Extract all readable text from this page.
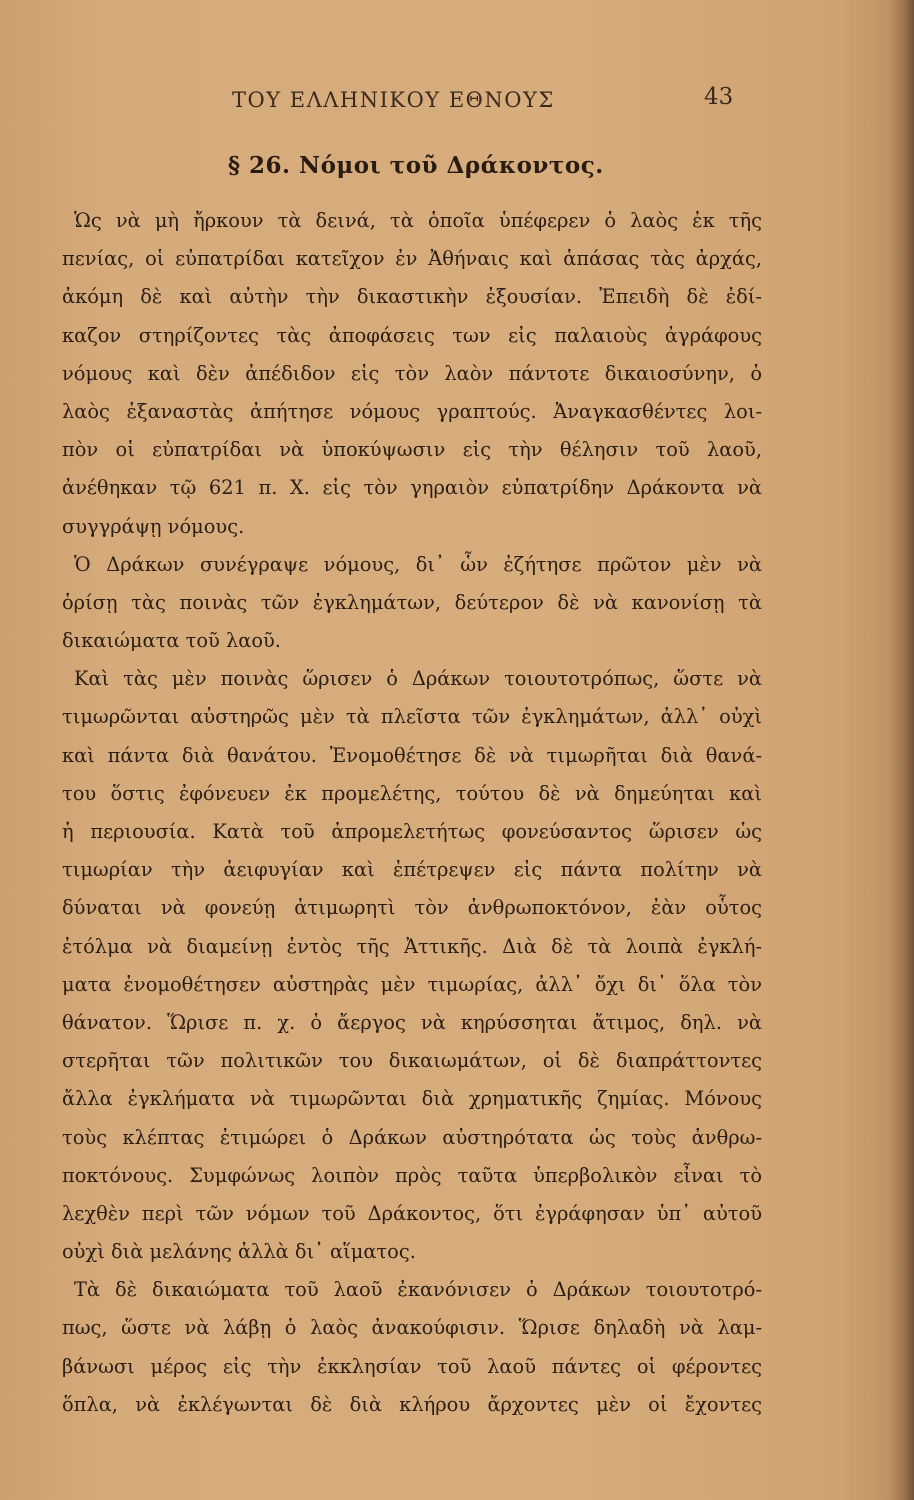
ΤΟΥ ΕΛΛΗΝΙΚΟΥ ΕΘΝΟΥΣ	43
§ 26. Νόμοι τοῦ Δράκοντος.
Ὡς νὰ μὴ ἤρκουν τὰ δεινά, τὰ ὁποῖα ὑπέφερεν ὁ λαὸς ἐκ τῆς
πενίας, οἱ εὐπατρίδαι κατεῖχον ἐν Ἀθήναις καὶ ἁπάσας τὰς ἀρχάς,
ἀκόμη δὲ καὶ αὐτὴν τὴν δικαστικὴν ἐξουσίαν. Ἐπειδὴ δὲ ἐδί-
καζον στηρίζοντες τὰς ἀποφάσεις των εἰς παλαιοὺς ἀγράφους
νόμους καὶ δὲν ἀπέδιδον εἰς τὸν λαὸν πάντοτε δικαιοσύνην, ὁ
λαὸς ἐξαναστὰς ἀπήτησε νόμους γραπτούς. Ἀναγκασθέντες λοι-
πὸν οἱ εὐπατρίδαι νὰ ὑποκύψωσιν εἰς τὴν θέλησιν τοῦ λαοῦ,
ἀνέθηκαν τῷ 621 π. Χ. εἰς τὸν γηραιὸν εὐπατρίδην Δράκοντα νὰ
συγγράψῃ νόμους.
Ὁ Δράκων συνέγραψε νόμους, δι᾿ ὧν ἐζήτησε πρῶτον μὲν νὰ
ὁρίσῃ τὰς ποινὰς τῶν ἐγκλημάτων, δεύτερον δὲ νὰ κανονίσῃ τὰ
δικαιώματα τοῦ λαοῦ.
Καὶ τὰς μὲν ποινὰς ὥρισεν ὁ Δράκων τοιουτοτρόπως, ὥστε νὰ
τιμωρῶνται αὐστηρῶς μὲν τὰ πλεῖστα τῶν ἐγκλημάτων, ἀλλ᾿ οὐχὶ
καὶ πάντα διὰ θανάτου. Ἐνομοθέτησε δὲ νὰ τιμωρῆται διὰ θανά-
του ὅστις ἐφόνευεν ἐκ προμελέτης, τούτου δὲ νὰ δημεύηται καὶ
ἡ περιουσία. Κατὰ τοῦ ἀπρομελετήτως φονεύσαντος ὥρισεν ὡς
τιμωρίαν τὴν ἀειφυγίαν καὶ ἐπέτρεψεν εἰς πάντα πολίτην νὰ
δύναται νὰ φονεύῃ ἀτιμωρητὶ τὸν ἀνθρωποκτόνον, ἐὰν οὗτος
ἐτόλμα νὰ διαμείνῃ ἐντὸς τῆς Ἀττικῆς. Διὰ δὲ τὰ λοιπὰ ἐγκλή-
ματα ἐνομοθέτησεν αὐστηρὰς μὲν τιμωρίας, ἀλλ᾿ ὄχι δι᾿ ὅλα τὸν
θάνατον. Ὥρισε π. χ. ὁ ἄεργος νὰ κηρύσσηται ἄτιμος, δηλ. νὰ
στερῆται τῶν πολιτικῶν του δικαιωμάτων, οἱ δὲ διαπράττοντες
ἄλλα ἐγκλήματα νὰ τιμωρῶνται διὰ χρηματικῆς ζημίας. Μόνους
τοὺς κλέπτας ἐτιμώρει ὁ Δράκων αὐστηρότατα ὡς τοὺς ἀνθρω-
ποκτόνους. Συμφώνως λοιπὸν πρὸς ταῦτα ὑπερβολικὸν εἶναι τὸ
λεχθὲν περὶ τῶν νόμων τοῦ Δράκοντος, ὅτι ἐγράφησαν ὑπ᾿ αὐτοῦ
οὐχὶ διὰ μελάνης ἀλλὰ δι᾿ αἵματος.
Τὰ δὲ δικαιώματα τοῦ λαοῦ ἐκανόνισεν ὁ Δράκων τοιουτοτρό-
πως, ὥστε νὰ λάβῃ ὁ λαὸς ἀνακούφισιν. Ὥρισε δηλαδὴ νὰ λαμ-
βάνωσι μέρος εἰς τὴν ἐκκλησίαν τοῦ λαοῦ πάντες οἱ φέροντες
ὅπλα, νὰ ἐκλέγωνται δὲ διὰ κλήρου ἄρχοντες μὲν οἱ ἔχοντες
